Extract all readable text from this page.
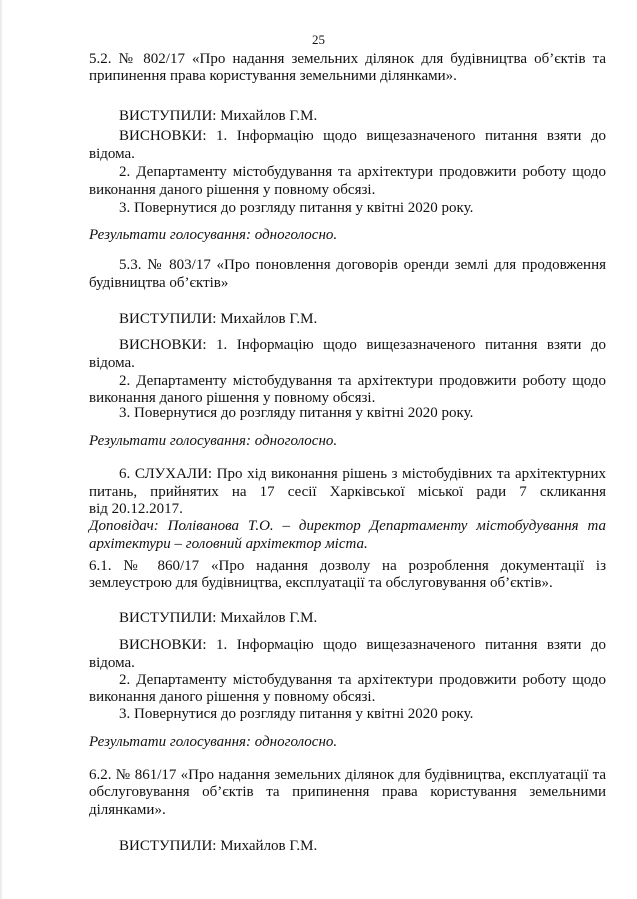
25
5.2. № 802/17 «Про надання земельних ділянок для будівництва об’єктів та
припинення права користування земельними ділянками».
ВИСТУПИЛИ: Михайлов Г.М.
ВИСНОВКИ: 1. Інформацію щодо вищезазначеного питання взяти до
відома.
2. Департаменту містобудування та архітектури продовжити роботу щодо
виконання даного рішення у повному обсязі.
3. Повернутися до розгляду питання у квітні 2020 року.
Результати голосування: одноголосно.
5.3. № 803/17 «Про поновлення договорів оренди землі для продовження
будівництва об’єктів»
ВИСТУПИЛИ: Михайлов Г.М.
ВИСНОВКИ: 1. Інформацію щодо вищезазначеного питання взяти до
відома.
2. Департаменту містобудування та архітектури продовжити роботу щодо
виконання даного рішення у повному обсязі.
3. Повернутися до розгляду питання у квітні 2020 року.
Результати голосування: одноголосно.
6. СЛУХАЛИ: Про хід виконання рішень з містобудівних та архітектурних
питань, прийнятих на 17 сесії Харківської міської ради 7 скликання
від 20.12.2017.
Доповідач: Поліванова Т.О. – директор Департаменту містобудування та
архітектури – головний архітектор міста.
6.1. № 860/17 «Про надання дозволу на розроблення документації із
землеустрою для будівництва, експлуатації та обслуговування об’єктів».
ВИСТУПИЛИ: Михайлов Г.М.
ВИСНОВКИ: 1. Інформацію щодо вищезазначеного питання взяти до
відома.
2. Департаменту містобудування та архітектури продовжити роботу щодо
виконання даного рішення у повному обсязі.
3. Повернутися до розгляду питання у квітні 2020 року.
Результати голосування: одноголосно.
6.2. № 861/17 «Про надання земельних ділянок для будівництва, експлуатації та
обслуговування об’єктів та припинення права користування земельними
ділянками».
ВИСТУПИЛИ: Михайлов Г.М.
